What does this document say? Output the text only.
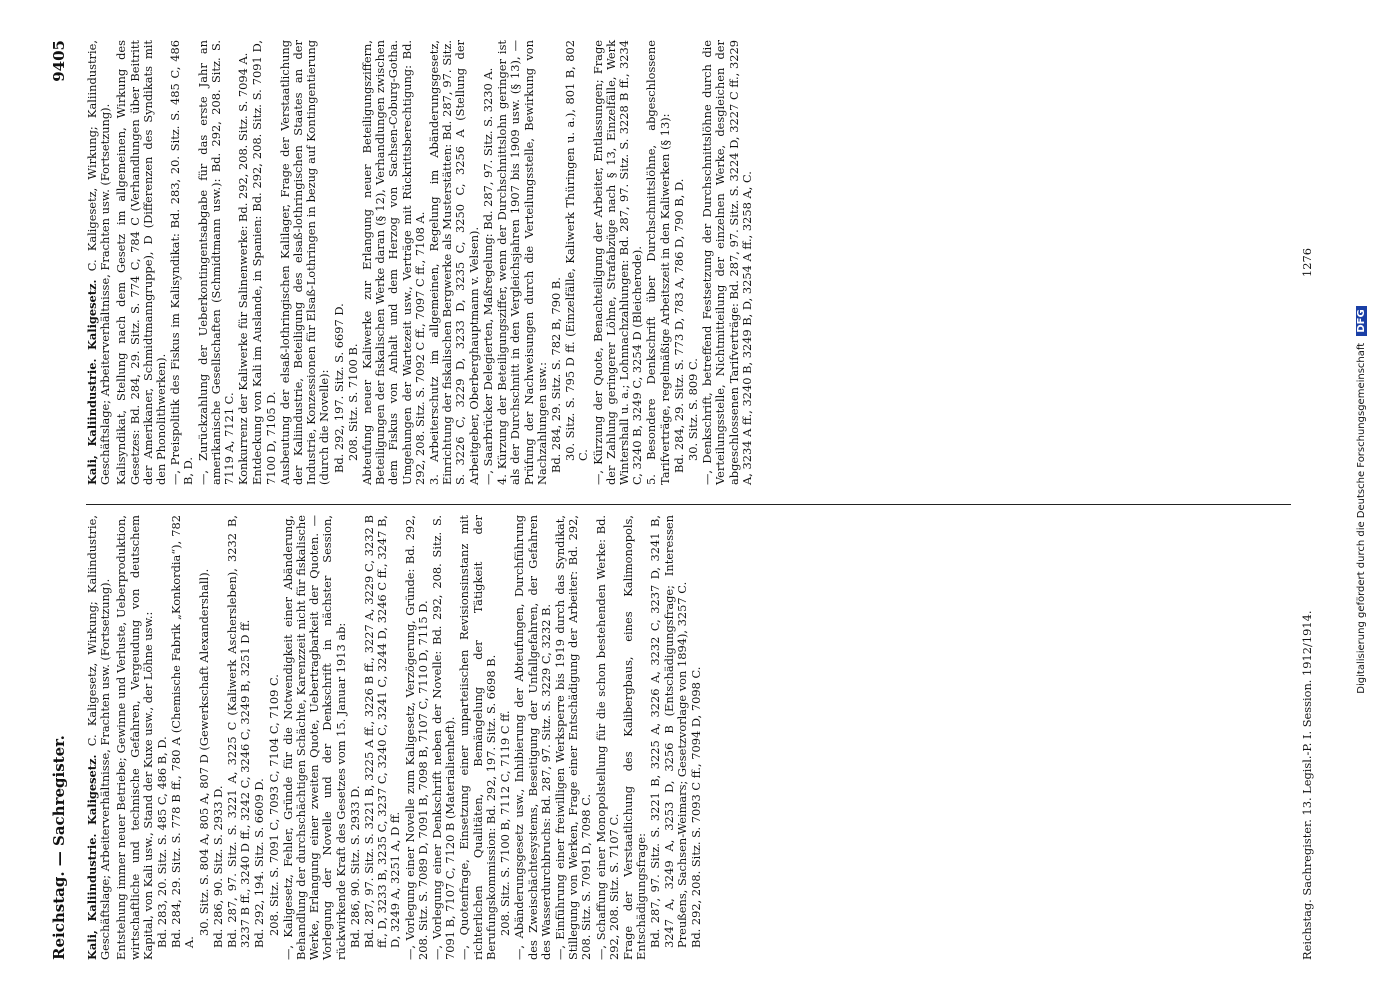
Reichstag. — Sachregister.
9405

Kali, Kaliindustrie. Kaligesetz. C. Kaligesetz, Wirkung; Kaliindustrie, Geschäftslage; Arbeiterverhältnisse, Frachten usw. (Fortsetzung). Entstehung immer neuer Betriebe; Gewinne und Verluste, Ueberproduktion, wirtschaftliche und technische Gefahren, Vergeudung von deutschem Kapital, von Kali usw., Stand der Kuxe usw., der Löhne usw.: Bd. 283, 20. Sitz. S. 485 C, 486 B, D. Bd. 284, 29. Sitz. S. 778 B ff., 780 A (Chemische Fabrik „Konkordia“), 782 A.

30. Sitz. S. 804 A, 805 A, 807 D (Gewerkschaft Alexandershall). Bd. 286, 90. Sitz. S. 2933 D. Bd. 287, 97. Sitz. S. 3221 A, 3225 C (Kaliwerk Aschersleben), 3232 B, 3237 B ff., 3240 D ff., 3242 C, 3246 C, 3249 B, 3251 D ff. Bd. 292, 194. Sitz. S. 6609 D. 208. Sitz. S. 7091 C, 7093 C, 7104 C, 7109 C. —, Kaligesetz, Fehler, Gründe für die Notwendigkeit einer Abänderung, Behandlung der durchschächtigen Schächte, Karenzzeit nicht für fiskalische Werke, Erlangung einer zweiten Quote, Uebertragbarkeit der Quoten. — Vorlegung der Novelle und der Denkschrift in nächster Session, rückwirkende Kraft des Gesetzes vom 15. Januar 1913 ab: Bd. 286, 90. Sitz. S. 2933 D. Bd. 287, 97. Sitz. S. 3221 B, 3225 A ff., 3226 B ff., 3227 A, 3229 C, 3232 B ff., D, 3233 B, 3235 C, 3237 C, 3240 C, 3241 C, 3244 D, 3246 C ff., 3247 B, D, 3249 A, 3251 A, D ff. —, Vorlegung einer Novelle zum Kaligesetz, Verzögerung, Gründe: Bd. 292, 208. Sitz. S. 7089 D, 7091 B, 7098 B, 7107 C, 7110 D, 7115 D. —, Vorlegung einer Denkschrift neben der Novelle: Bd. 292, 208. Sitz. S. 7091 B, 7107 C, 7120 B (Materialienheft). —, Quotenfrage, Einsetzung einer unparteiischen Revisionsinstanz mit richterlichen Qualitäten, Bemängelung der Tätigkeit der Berufungskommission: Bd. 292, 197. Sitz. S. 6698 B. 208. Sitz. S. 7100 B, 7112 C, 7119 C ff. —, Abänderungsgesetz usw., Inhibierung der Abteufungen, Durchführung des Zweischächtesystems, Beseitigung der Unfallgefahren, der Gefahren des Wasserdurchbruchs: Bd. 287, 97. Sitz. S. 3229 C, 3232 B. —, Einführung einer freiwilligen Werksperre bis 1919 durch das Syndikat, Stillegung von Werken, Frage einer Entschädigung der Arbeiter: Bd. 292, 208. Sitz. S. 7091 D, 7098 C. —, Schaffung einer Monopolstellung für die schon bestehenden Werke: Bd. 292, 208. Sitz. S. 7107 C. Frage der Verstaatlichung des Kalibergbaus, eines Kalimonopols, Entschädigungsfrage: Bd. 287, 97. Sitz. S. 3221 B, 3225 A, 3226 A, 3232 C, 3237 D, 3241 B, 3247 A, 3249 A, 3253 D, 3256 B (Entschädigungsfrage; Interessen Preußens, Sachsen-Weimars; Gesetzvorlage von 1894), 3257 C. Bd. 292, 208. Sitz. S. 7093 C ff., 7094 D, 7098 C.

Kali, Kaliindustrie. Kaligesetz. C. Kaligesetz, Wirkung; Kaliindustrie, Geschäftslage; Arbeiterverhältnisse, Frachten usw. (Fortsetzung). Kalisyndikat, Stellung nach dem Gesetz im allgemeinen, Wirkung des Gesetzes: Bd. 284, 29. Sitz. S. 774 C, 784 C (Verhandlungen über Beitritt der Amerikaner, Schmidtmanngruppe), D (Differenzen des Syndikats mit den Phonolithwerken). —, Preispolitik des Fiskus im Kalisyndikat: Bd. 283, 20. Sitz. S. 485 C, 486 B, D. —, Zurückzahlung der Ueberkontingentsabgabe für das erste Jahr an amerikanische Gesellschaften (Schmidtmann usw.): Bd. 292, 208. Sitz. S. 7119 A, 7121 C. Konkurrenz der Kaliwerke für Salinenwerke: Bd. 292, 208. Sitz. S. 7094 A. Entdeckung von Kali im Auslande, in Spanien: Bd. 292, 208. Sitz. S. 7091 D, 7100 D, 7105 D. Ausbeutung der elsaß-lothringischen Kalilager, Frage der Verstaatlichung der Kaliindustrie, Beteiligung des elsaß-lothringischen Staates an der Industrie, Konzessionen für Elsaß-Lothringen in bezug auf Kontingentierung (durch die Novelle): Bd. 292, 197. Sitz. S. 6697 D. 208. Sitz. S. 7100 B. Abteufung neuer Kaliwerke zur Erlangung neuer Beteiligungsziffern, Beteiligungen der fiskalischen Werke daran (§ 12), Verhandlungen zwischen dem Fiskus von Anhalt und dem Herzog von Sachsen-Coburg-Gotha. Umgehungen der Wartezeit usw., Verträge mit Rückrittsberechtigung: Bd. 292, 208. Sitz. S. 7092 C ff., 7097 C ff., 7108 A. 3. Arbeiterschutz im allgemeinen, Regelung im Abänderungsgesetz, Einrichtung der fiskalischen Bergwerke als Musterstätten: Bd. 287, 97. Sitz. S. 3226 C, 3229 D, 3233 D, 3235 C, 3250 C, 3256 A (Stellung der Arbeitgeber, Oberberghauptmann v. Velsen). —, Saarbrücker Delegierten, Maßregelung: Bd. 287, 97. Sitz. S. 3230 A. 4. Kürzung der Beteiligungsziffer, wenn der Durchschnittslohn geringer ist als der Durchschnitt in den Vergleichsjahren 1907 bis 1909 usw. (§ 13), — Prüfung der Nachweisungen durch die Verteilungsstelle, Bewirkung von Nachzahlungen usw.: Bd. 284, 29. Sitz. S. 782 B, 790 B. 30. Sitz. S. 795 D ff. (Einzelfälle, Kaliwerk Thüringen u. a.), 801 B, 802 C. —, Kürzung der Quote, Benachteiligung der Arbeiter, Entlassungen; Frage der Zahlung geringerer Löhne, Strafabzüge nach § 13, Einzelfälle, Werk Wintershall u. a.; Lohnnachzahlungen: Bd. 287, 97. Sitz. S. 3228 B ff., 3234 C, 3240 B, 3249 C, 3254 D (Bleicherode). 5. Besondere Denkschrift über Durchschnittslöhne, abgeschlossene Tarifverträge, regelmäßige Arbeitszeit in den Kaliwerken (§ 13): Bd. 284, 29. Sitz. S. 773 D, 783 A, 786 D, 790 B, D. 30. Sitz. S. 809 C. —, Denkschrift, betreffend Festsetzung der Durchschnittslöhne durch die Verteilungsstelle, Nichtmitteilung der einzelnen Werke, desgleichen der abgeschlossenen Tarifverträge: Bd. 287, 97. Sitz. S. 3224 D, 3227 C ff., 3229 A, 3234 A ff., 3240 B, 3249 B, D, 3254 A ff., 3258 A, C.

Reichstag. Sachregister. 13. Legisl.-P. I. Session. 1912/1914.
1276
Digitalisierung gefördert durch die Deutsche Forschungsgemeinschaft DFG
